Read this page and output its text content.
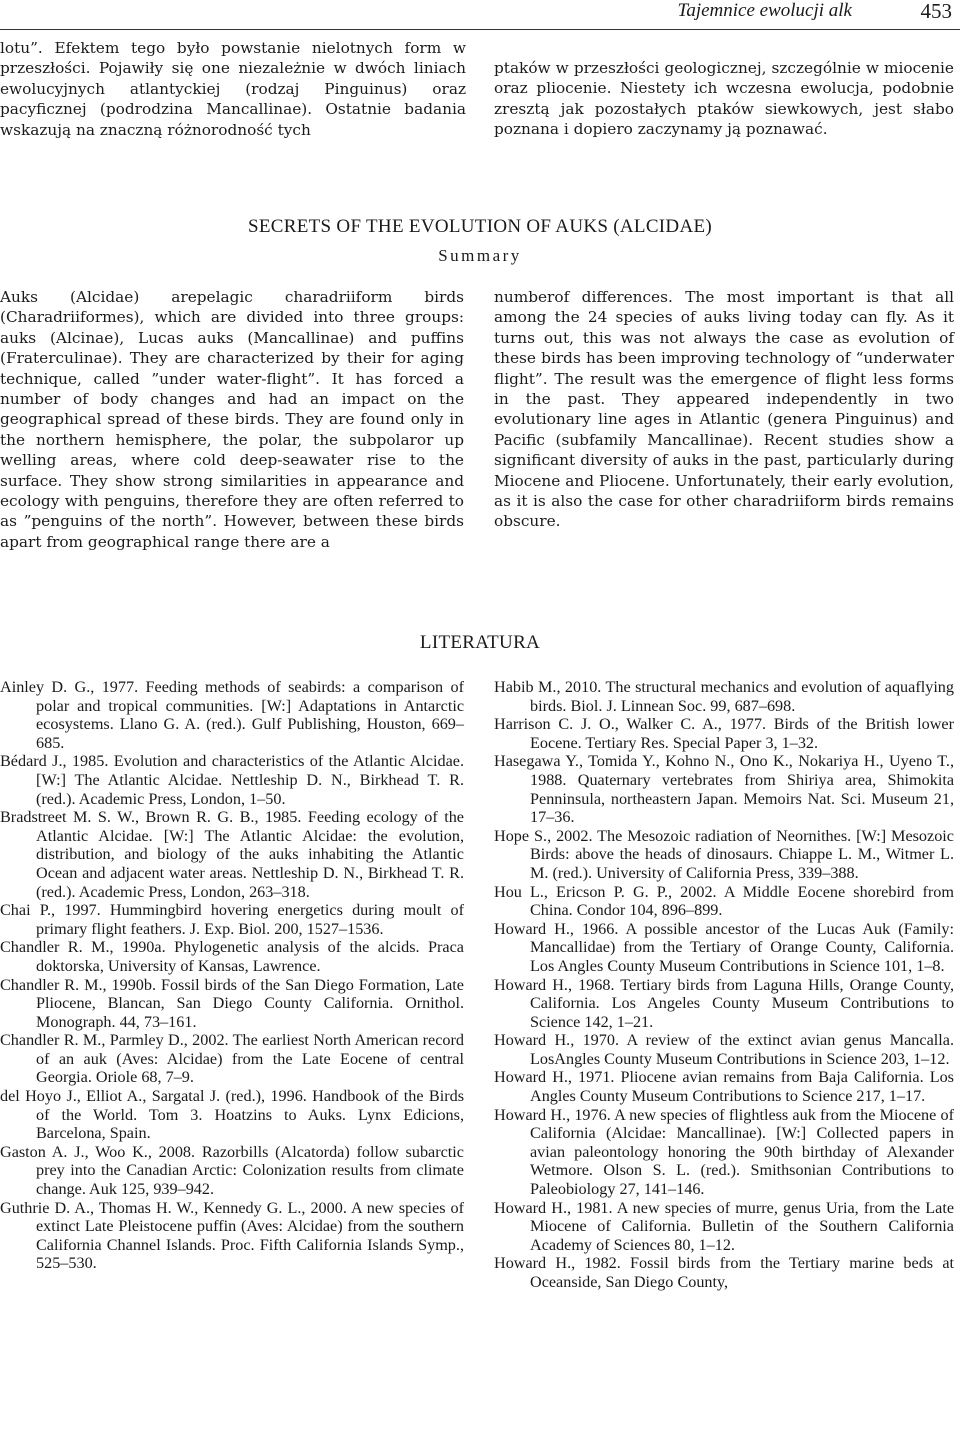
Tajemnice ewolucji alk	453

lotu”. Efektem tego było powstanie nielotnych form w przeszłości. Pojawiły się one niezależnie w dwóch liniach ewolucyjnych atlantyckiej (rodzaj Pinguinus) oraz pacyficznej (podrodzina Mancallinae). Ostatnie badania wskazują na znaczną różnorodność tych

ptaków w przeszłości geologicznej, szczególnie w miocenie oraz pliocenie. Niestety ich wczesna ewolucja, podobnie zresztą jak pozostałych ptaków siewkowych, jest słabo poznana i dopiero zaczynamy ją poznawać.

SECRETS OF THE EVOLUTION OF AUKS (ALCIDAE)
Summary

Auks (Alcidae) arepelagic charadriiform birds (Charadriiformes), which are divided into three groups: auks (Alcinae), Lucas auks (Mancallinae) and puffins (Fraterculinae). They are characterized by their for aging technique, called ”under water-flight”. It has forced a number of body changes and had an impact on the geographical spread of these birds. They are found only in the northern hemisphere, the polar, the subpolaror up welling areas, where cold deep-seawater rise to the surface. They show strong similarities in appearance and ecology with penguins, therefore they are often referred to as ”penguins of the north”. However, between these birds apart from geographical range there are a

numberof differences. The most important is that all among the 24 species of auks living today can fly. As it turns out, this was not always the case as evolution of these birds has been improving technology of “underwater flight”. The result was the emergence of flight less forms in the past. They appeared independently in two evolutionary line ages in Atlantic (genera Pinguinus) and Pacific (subfamily Mancallinae). Recent studies show a significant diversity of auks in the past, particularly during Miocene and Pliocene. Unfortunately, their early evolution, as it is also the case for other charadriiform birds remains obscure.

LITERATURA

Ainley D. G., 1977. Feeding methods of seabirds: a comparison of polar and tropical communities. [W:] Adaptations in Antarctic ecosystems. Llano G. A. (red.). Gulf Publishing, Houston, 669–685.

Bédard J., 1985. Evolution and characteristics of the Atlantic Alcidae. [W:] The Atlantic Alcidae. Nettleship D. N., Birkhead T. R. (red.). Academic Press, London, 1–50.

Bradstreet M. S. W., Brown R. G. B., 1985. Feeding ecology of the Atlantic Alcidae. [W:] The Atlantic Alcidae: the evolution, distribution, and biology of the auks inhabiting the Atlantic Ocean and adjacent water areas. Nettleship D. N., Birkhead T. R. (red.). Academic Press, London, 263–318.

Chai P., 1997. Hummingbird hovering energetics during moult of primary flight feathers. J. Exp. Biol. 200, 1527–1536.

Chandler R. M., 1990a. Phylogenetic analysis of the alcids. Praca doktorska, University of Kansas, Lawrence.

Chandler R. M., 1990b. Fossil birds of the San Diego Formation, Late Pliocene, Blancan, San Diego County California. Ornithol. Monograph. 44, 73–161.

Chandler R. M., Parmley D., 2002. The earliest North American record of an auk (Aves: Alcidae) from the Late Eocene of central Georgia. Oriole 68, 7–9.

del Hoyo J., Elliot A., Sargatal J. (red.), 1996. Handbook of the Birds of the World. Tom 3. Hoatzins to Auks. Lynx Edicions, Barcelona, Spain.

Gaston A. J., Woo K., 2008. Razorbills (Alcatorda) follow subarctic prey into the Canadian Arctic: Colonization results from climate change. Auk 125, 939–942.

Guthrie D. A., Thomas H. W., Kennedy G. L., 2000. A new species of extinct Late Pleistocene puffin (Aves: Alcidae) from the southern California Channel Islands. Proc. Fifth California Islands Symp., 525–530.

Habib M., 2010. The structural mechanics and evolution of aquaflying birds. Biol. J. Linnean Soc. 99, 687–698.

Harrison C. J. O., Walker C. A., 1977. Birds of the British lower Eocene. Tertiary Res. Special Paper 3, 1–32.

Hasegawa Y., Tomida Y., Kohno N., Ono K., Nokariya H., Uyeno T., 1988. Quaternary vertebrates from Shiriya area, Shimokita Penninsula, northeastern Japan. Memoirs Nat. Sci. Museum 21, 17–36.

Hope S., 2002. The Mesozoic radiation of Neornithes. [W:] Mesozoic Birds: above the heads of dinosaurs. Chiappe L. M., Witmer L. M. (red.). University of California Press, 339–388.

Hou L., Ericson P. G. P., 2002. A Middle Eocene shorebird from China. Condor 104, 896–899.

Howard H., 1966. A possible ancestor of the Lucas Auk (Family: Mancallidae) from the Tertiary of Orange County, California. Los Angles County Museum Contributions in Science 101, 1–8.

Howard H., 1968. Tertiary birds from Laguna Hills, Orange County, California. Los Angeles County Museum Contributions to Science 142, 1–21.

Howard H., 1970. A review of the extinct avian genus Mancalla. LosAngles County Museum Contributions in Science 203, 1–12.

Howard H., 1971. Pliocene avian remains from Baja California. Los Angles County Museum Contributions to Science 217, 1–17.

Howard H., 1976. A new species of flightless auk from the Miocene of California (Alcidae: Mancallinae). [W:] Collected papers in avian paleontology honoring the 90th birthday of Alexander Wetmore. Olson S. L. (red.). Smithsonian Contributions to Paleobiology 27, 141–146.

Howard H., 1981. A new species of murre, genus Uria, from the Late Miocene of California. Bulletin of the Southern California Academy of Sciences 80, 1–12.

Howard H., 1982. Fossil birds from the Tertiary marine beds at Oceanside, San Diego County,
